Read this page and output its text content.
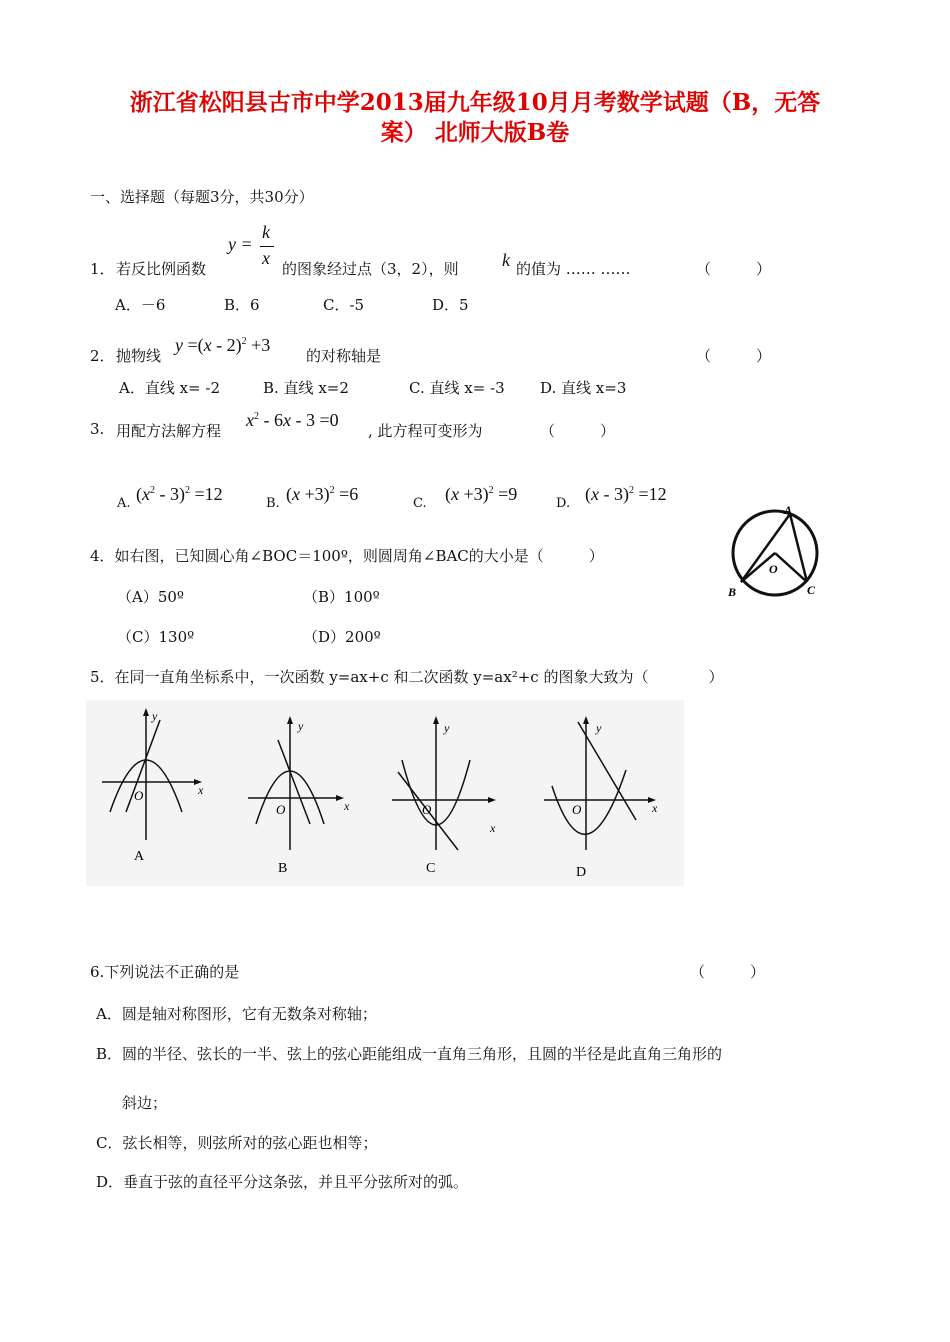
浙江省松阳县古市中学2013届九年级10月月考数学试题（B，无答
案） 北师大版B卷
一、选择题（每题3分，共30分）
1． 若反比例函数
y =
k
x
的图象经过点（3，2），则 k 的值为 …… ……	（　　　）
A．－6	B．6	C．-5	D．5
2． 抛物线
y =(x - 2)$^2$ +3
的对称轴是	（　　　）
A．直线 x= -2	B. 直线 x=2	C. 直线 x= -3 D. 直线 x=3
3. 用配方法解方程
$x^2 - 6x - 3 =0$
, 此方程可变形为	（　　　）
A. $(x^2 - 3)^2 =12$	B. $(x +3)^2 =6$	C. $(x +3)^2 =9$	D. (x - 3)$^2$ =12
4．如右图，已知圆心角∠BOC＝100º，则圆周角∠BAC的大小是（　　　）
（A）50º	（B）100º
（C）130º	（D）200º
A
B	C
O
5．在同一直角坐标系中，一次函数 y=ax+c 和二次函数 y=ax²+c 的图象大致为（　　　　）
O
y
x
A
O
y
x
B
O
y
x
C
O
y
x
D
6.下列说法不正确的是	（　　　）
A．圆是轴对称图形，它有无数条对称轴；
B．圆的半径、弦长的一半、弦上的弦心距能组成一直角三角形，且圆的半径是此直角三角形的
斜边；
C．弦长相等，则弦所对的弦心距也相等；
D．垂直于弦的直径平分这条弦，并且平分弦所对的弧。
